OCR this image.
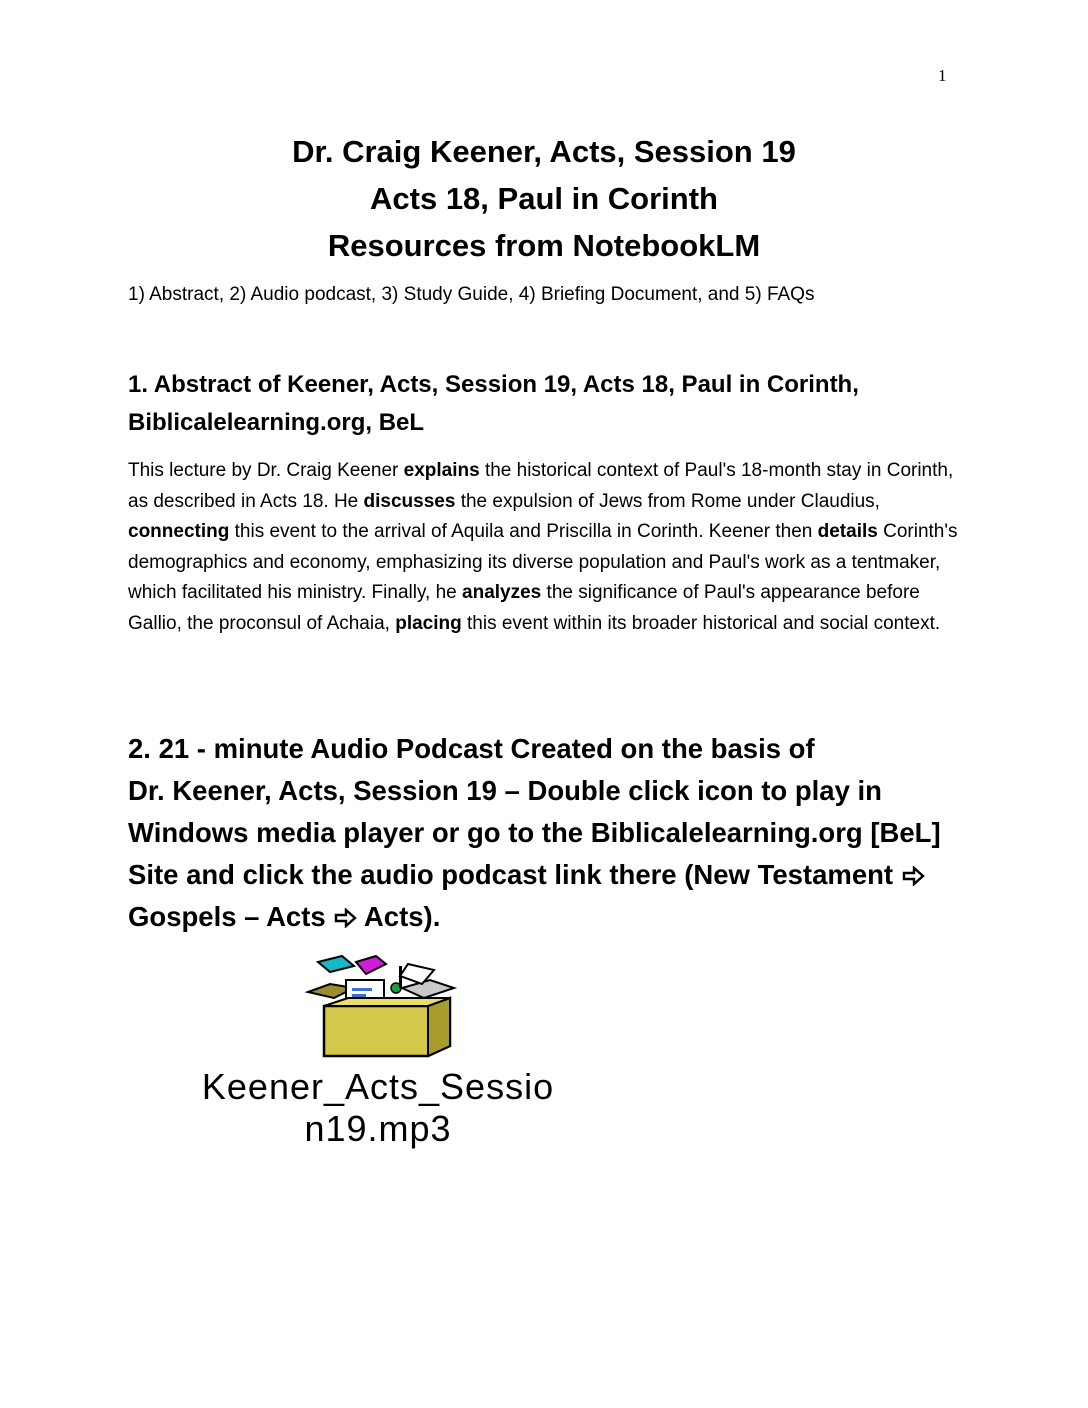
1
Dr. Craig Keener, Acts, Session 19
Acts 18, Paul in Corinth
Resources from NotebookLM
1) Abstract, 2) Audio podcast, 3) Study Guide, 4) Briefing Document, and 5) FAQs
1. Abstract of Keener, Acts, Session 19, Acts 18, Paul in Corinth, Biblicalelearning.org, BeL
This lecture by Dr. Craig Keener explains the historical context of Paul's 18-month stay in Corinth, as described in Acts 18. He discusses the expulsion of Jews from Rome under Claudius, connecting this event to the arrival of Aquila and Priscilla in Corinth. Keener then details Corinth's demographics and economy, emphasizing its diverse population and Paul's work as a tentmaker, which facilitated his ministry. Finally, he analyzes the significance of Paul's appearance before Gallio, the proconsul of Achaia, placing this event within its broader historical and social context.
2. 21 - minute Audio Podcast Created on the basis of
Dr. Keener, Acts, Session 19 – Double click icon to play in
Windows media player or go to the Biblicalelearning.org [BeL]
Site and click the audio podcast link there (New Testament
Gospels – Acts  Acts).
Keener_Acts_Sessio
n19.mp3
